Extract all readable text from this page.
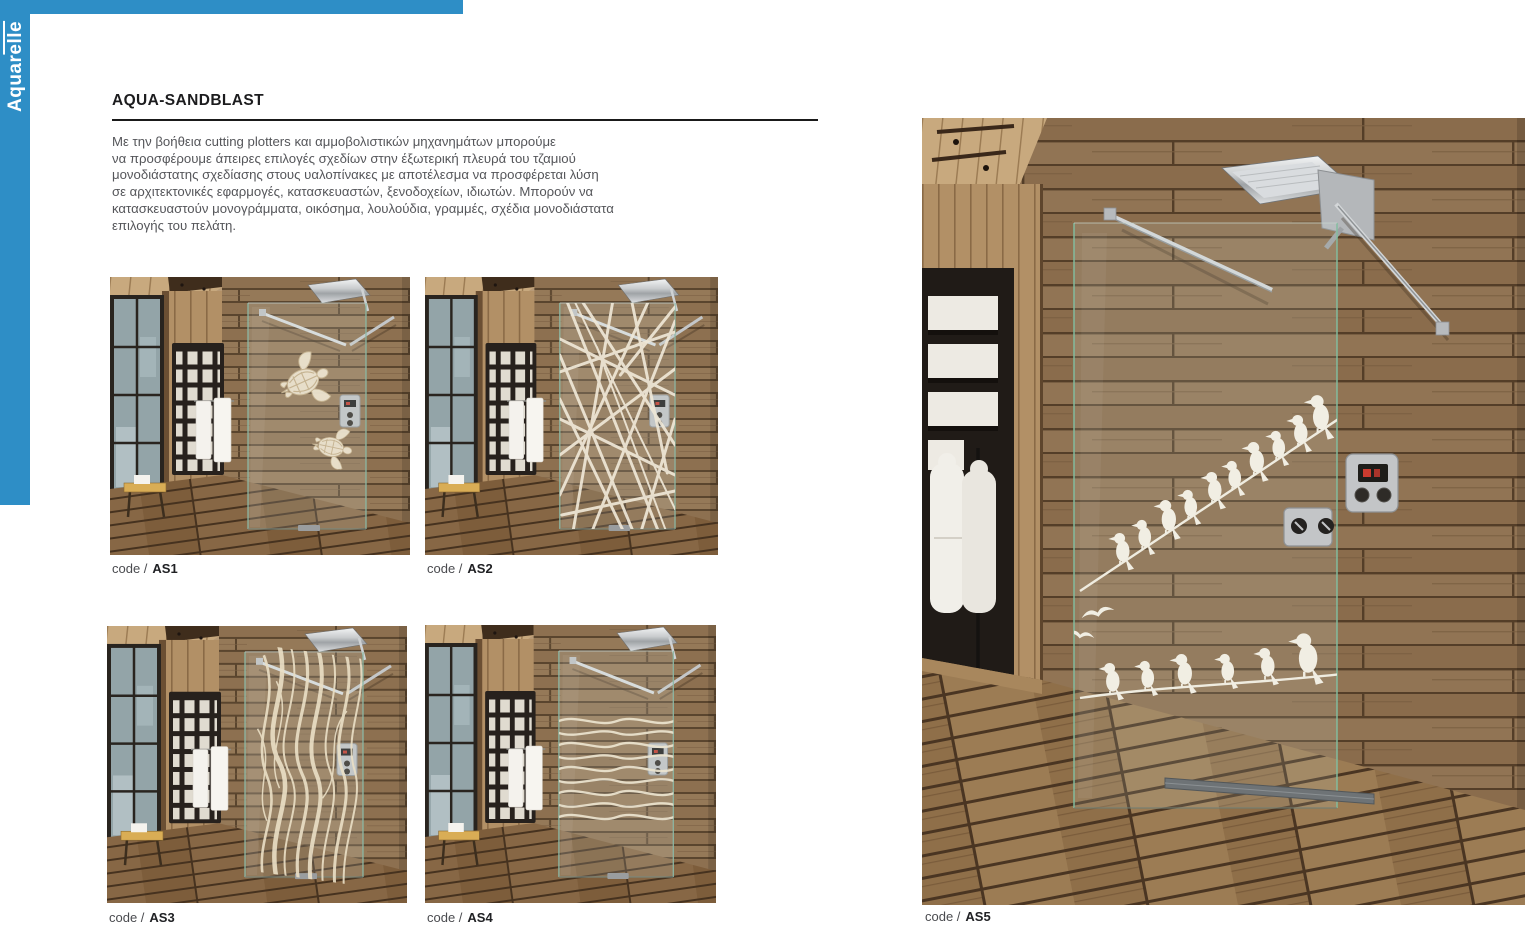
Aquarelle
AQUA-SANDBLAST
Με την βοήθεια cutting plotters και αμμοβολιστικών μηχανημάτων μπορούμε
να προσφέρουμε άπειρες επιλογές σχεδίων στην έξωτερική πλευρά του τζαμιού
μονοδιάστατης σχεδίασης στους υαλοπίνακες με αποτέλεσμα να προσφέρεται λύση
σε αρχιτεκτονικές εφαρμογές, κατασκευαστών, ξενοδοχείων, ιδιωτών. Μπορούν να
κατασκευαστούν μονογράμματα, οικόσημα, λουλούδια, γραμμές, σχέδια μονοδιάστατα
επιλογής του πελάτη.
code / AS1	code / AS2
code / AS3	code / AS4	code / AS5
